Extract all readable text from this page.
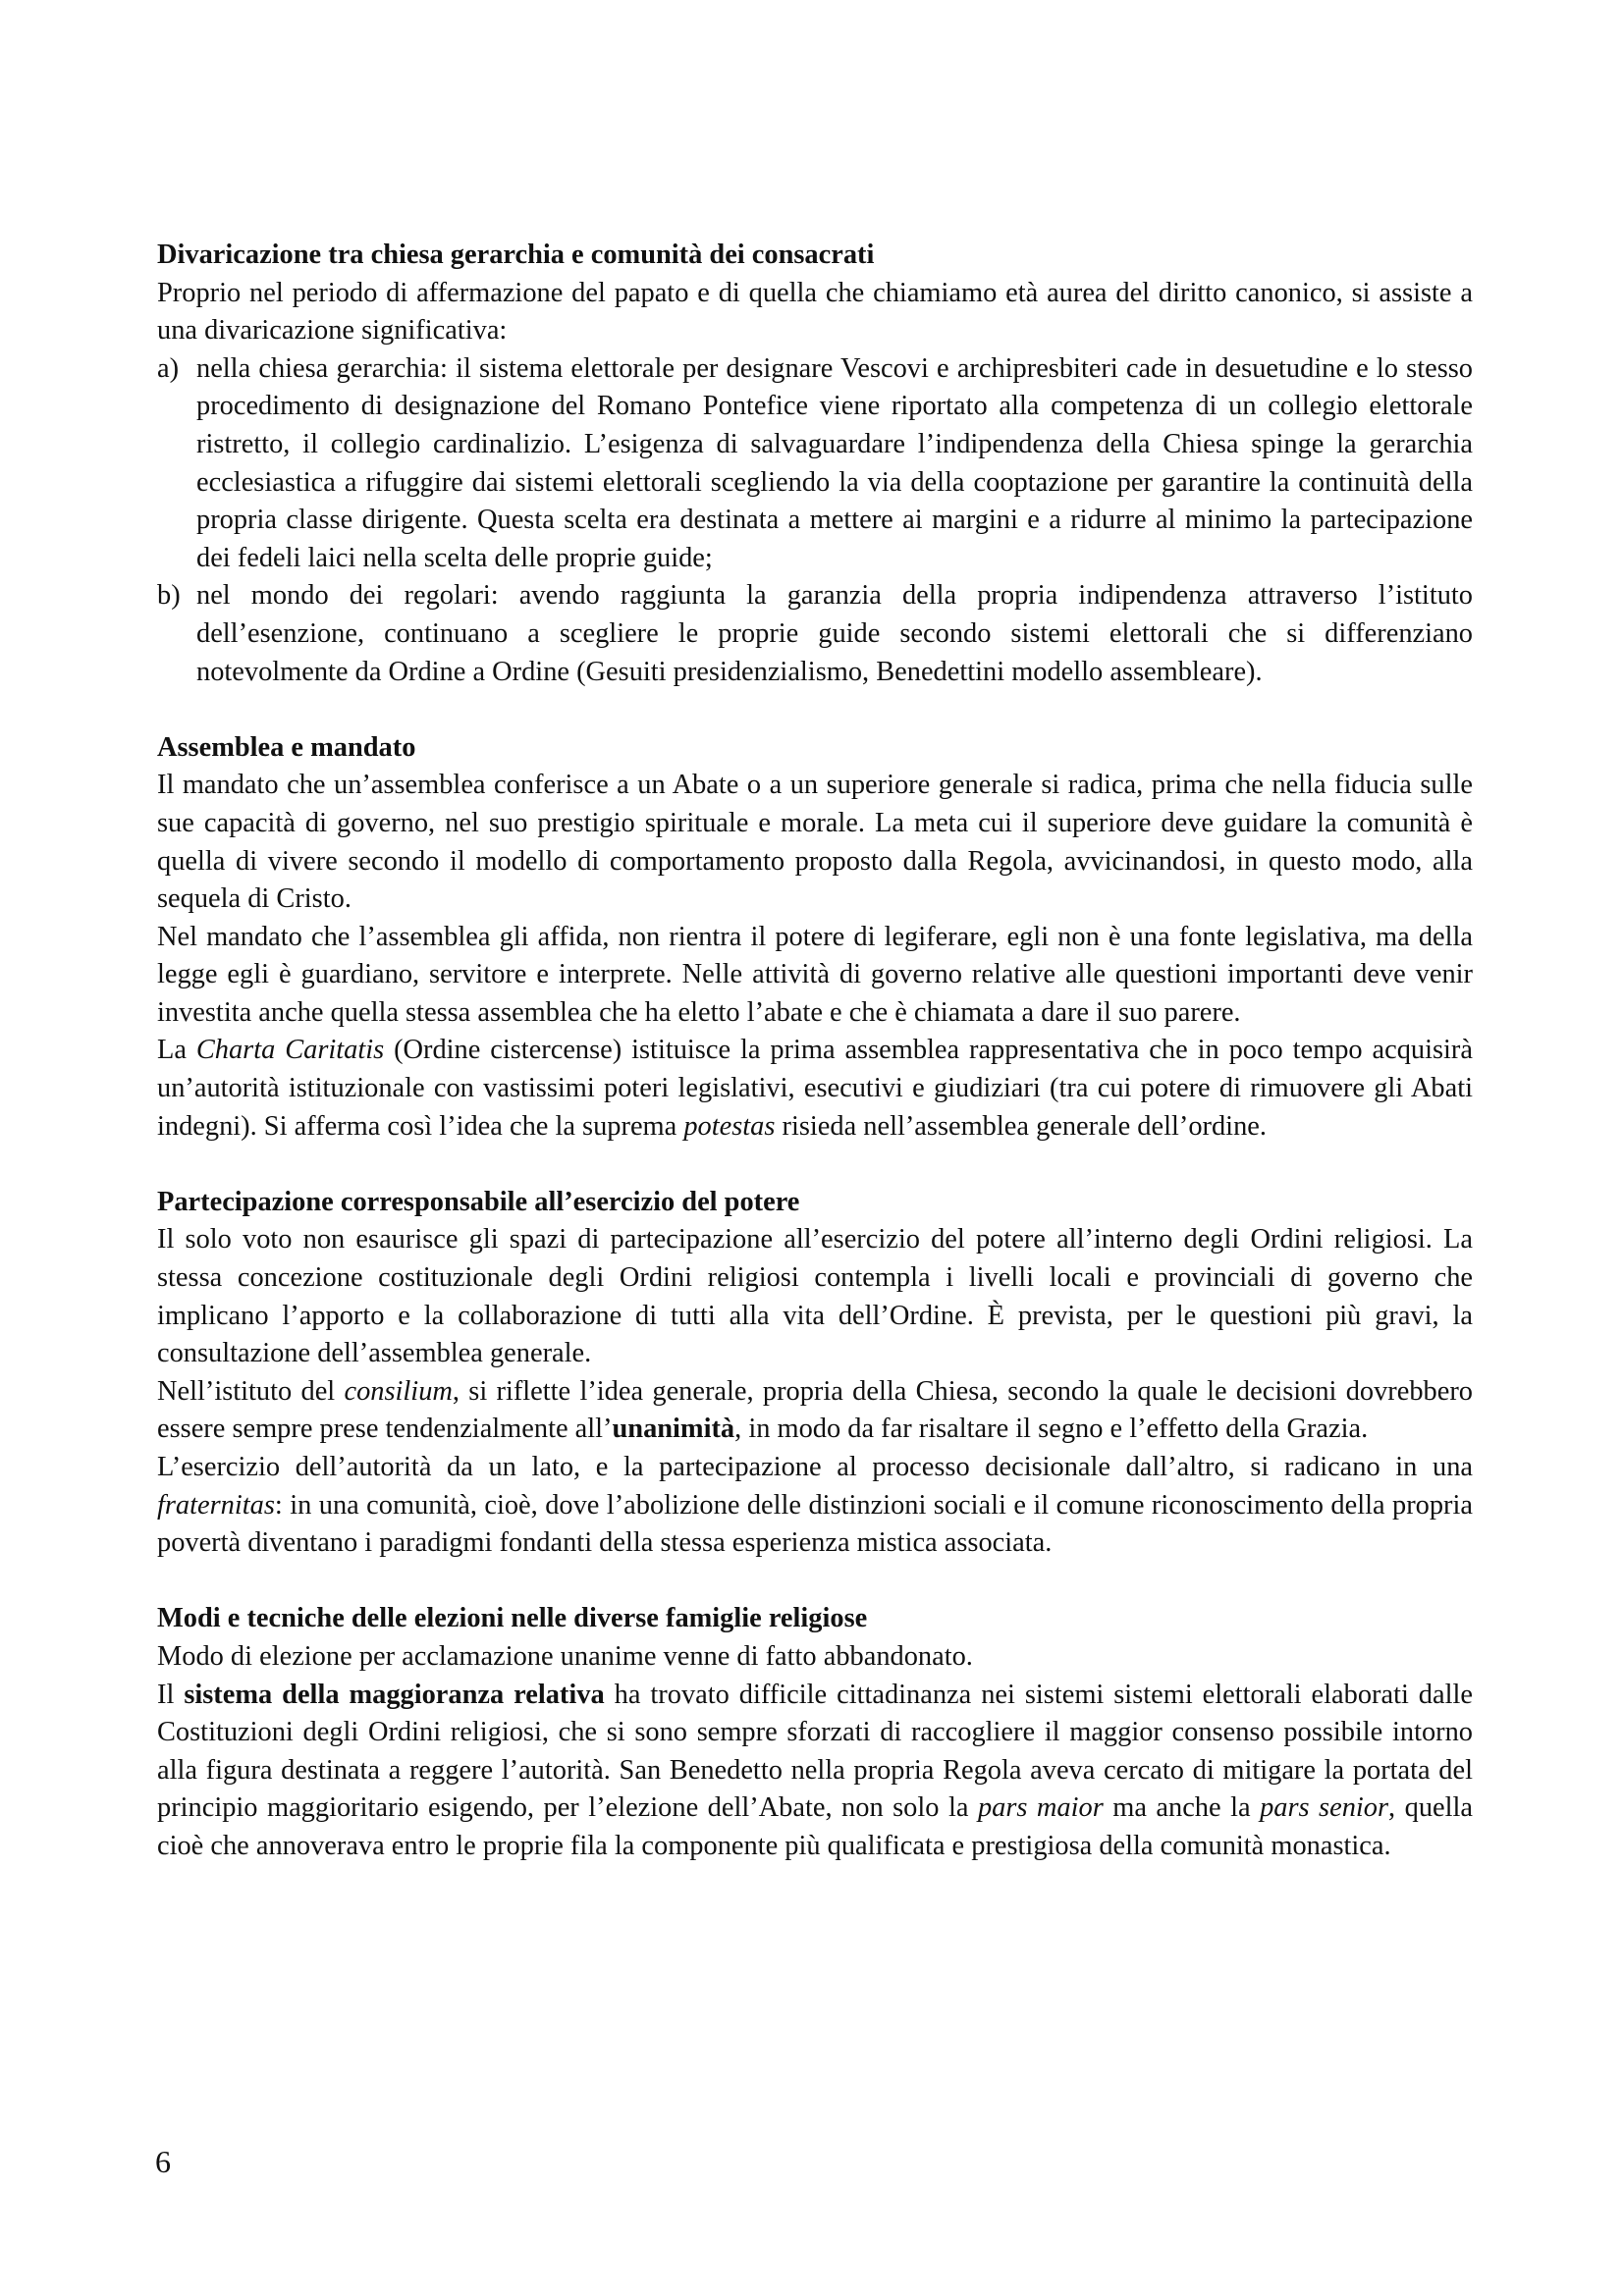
Divaricazione tra chiesa gerarchia e comunità dei consacrati

Proprio nel periodo di affermazione del papato e di quella che chiamiamo età aurea del diritto canonico, si assiste a una divaricazione significativa:

a) nella chiesa gerarchia: il sistema elettorale per designare Vescovi e archipresbiteri cade in desuetudine e lo stesso procedimento di designazione del Romano Pontefice viene riportato alla competenza di un collegio elettorale ristretto, il collegio cardinalizio. L’esigenza di salvaguardare l’indipendenza della Chiesa spinge la gerarchia ecclesiastica a rifuggire dai sistemi elettorali scegliendo la via della cooptazione per garantire la continuità della propria classe dirigente. Questa scelta era destinata a mettere ai margini e a ridurre al minimo la partecipazione dei fedeli laici nella scelta delle proprie guide;
b) nel mondo dei regolari: avendo raggiunta la garanzia della propria indipendenza attraverso l’istituto dell’esenzione, continuano a scegliere le proprie guide secondo sistemi elettorali che si differenziano notevolmente da Ordine a Ordine (Gesuiti presidenzialismo, Benedettini modello assembleare).

Assemblea e mandato

Il mandato che un’assemblea conferisce a un Abate o a un superiore generale si radica, prima che nella fiducia sulle sue capacità di governo, nel suo prestigio spirituale e morale. La meta cui il superiore deve guidare la comunità è quella di vivere secondo il modello di comportamento proposto dalla Regola, avvicinandosi, in questo modo, alla sequela di Cristo.

Nel mandato che l’assemblea gli affida, non rientra il potere di legiferare, egli non è una fonte legislativa, ma della legge egli è guardiano, servitore e interprete. Nelle attività di governo relative alle questioni importanti deve venir investita anche quella stessa assemblea che ha eletto l’abate e che è chiamata a dare il suo parere.

La Charta Caritatis (Ordine cistercense) istituisce la prima assemblea rappresentativa che in poco tempo acquisirà un’autorità istituzionale con vastissimi poteri legislativi, esecutivi e giudiziari (tra cui potere di rimuovere gli Abati indegni). Si afferma così l’idea che la suprema potestas risieda nell’assemblea generale dell’ordine.

Partecipazione corresponsabile all’esercizio del potere

Il solo voto non esaurisce gli spazi di partecipazione all’esercizio del potere all’interno degli Ordini religiosi. La stessa concezione costituzionale degli Ordini religiosi contempla i livelli locali e provinciali di governo che implicano l’apporto e la collaborazione di tutti alla vita dell’Ordine. È prevista, per le questioni più gravi, la consultazione dell’assemblea generale.

Nell’istituto del consilium, si riflette l’idea generale, propria della Chiesa, secondo la quale le decisioni dovrebbero essere sempre prese tendenzialmente all’unanimità, in modo da far risaltare il segno e l’effetto della Grazia.

L’esercizio dell’autorità da un lato, e la partecipazione al processo decisionale dall’altro, si radicano in una fraternitas: in una comunità, cioè, dove l’abolizione delle distinzioni sociali e il comune riconoscimento della propria povertà diventano i paradigmi fondanti della stessa esperienza mistica associata.

Modi e tecniche delle elezioni nelle diverse famiglie religiose

Modo di elezione per acclamazione unanime venne di fatto abbandonato.

Il sistema della maggioranza relativa ha trovato difficile cittadinanza nei sistemi sistemi elettorali elaborati dalle Costituzioni degli Ordini religiosi, che si sono sempre sforzati di raccogliere il maggior consenso possibile intorno alla figura destinata a reggere l’autorità. San Benedetto nella propria Regola aveva cercato di mitigare la portata del principio maggioritario esigendo, per l’elezione dell’Abate, non solo la pars maior ma anche la pars senior, quella cioè che annoverava entro le proprie fila la componente più qualificata e prestigiosa della comunità monastica.

6
